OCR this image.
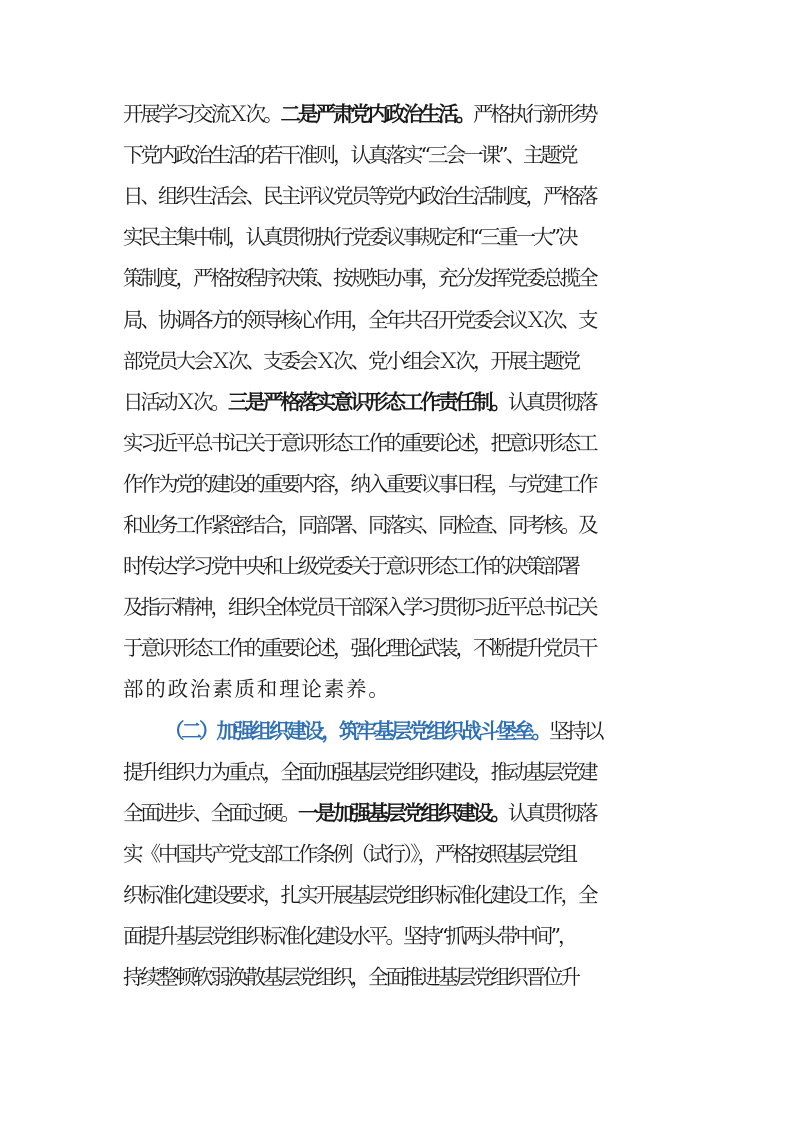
开展学习交流Ｘ次。二是严肃党内政治生活。严格执行新形势
下党内政治生活的若干准则，认真落实“三会一课”、主题党
日、组织生活会、民主评议党员等党内政治生活制度，严格落
实民主集中制，认真贯彻执行党委议事规定和“三重一大”决
策制度，严格按程序决策、按规矩办事，充分发挥党委总揽全
局、协调各方的领导核心作用，全年共召开党委会议Ｘ次、支
部党员大会Ｘ次、支委会Ｘ次、党小组会Ｘ次，开展主题党
日活动Ｘ次。三是严格落实意识形态工作责任制。认真贯彻落
实习近平总书记关于意识形态工作的重要论述，把意识形态工
作作为党的建设的重要内容，纳入重要议事日程，与党建工作
和业务工作紧密结合，同部署、同落实、同检查、同考核。及
时传达学习党中央和上级党委关于意识形态工作的决策部署
及指示精神，组织全体党员干部深入学习贯彻习近平总书记关
于意识形态工作的重要论述，强化理论武装，不断提升党员干
部的政治素质和理论素养。
（二）加强组织建设，筑牢基层党组织战斗堡垒。坚持以
提升组织力为重点，全面加强基层党组织建设，推动基层党建
全面进步、全面过硬。一是加强基层党组织建设。认真贯彻落
实《中国共产党支部工作条例（试行）》，严格按照基层党组
织标准化建设要求，扎实开展基层党组织标准化建设工作，全
面提升基层党组织标准化建设水平。坚持“抓两头带中间”，
持续整顿软弱涣散基层党组织，全面推进基层党组织晋位升
